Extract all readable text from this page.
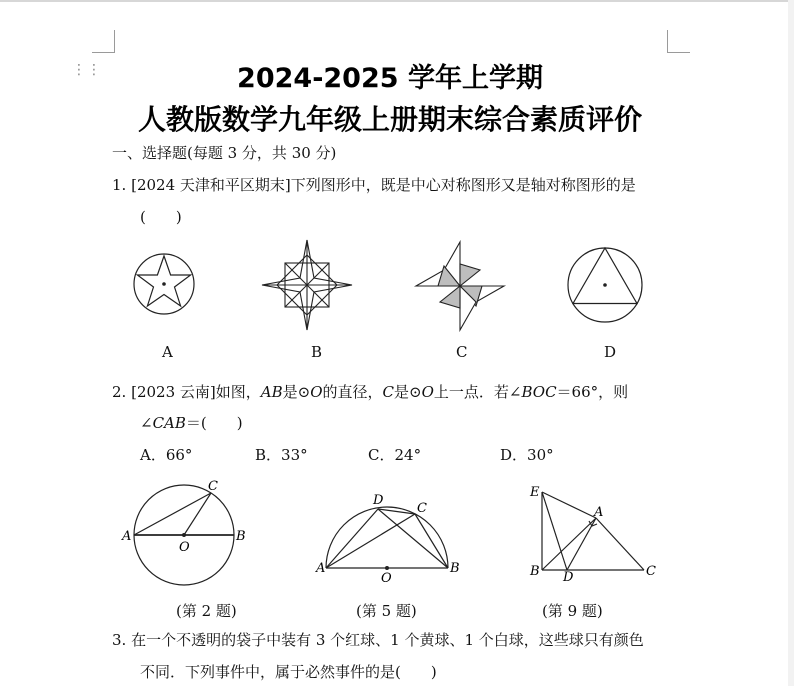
⋮⋮	2024-2025 学年上学期
人教版数学九年级上册期末综合素质评价
一、选择题(每题 3 分，共 30 分)
1. [2024 天津和平区期末]下列图形中，既是中心对称图形又是轴对称图形的是
(　　)
A	B	C	D
2. [2023 云南]如图，AB是⊙O的直径，C是⊙O上一点．若∠BOC＝66°，则
∠CAB＝(　　)
A．66°	B．33°	C．24°	D．30°
A	B
C
O
A	B
C
D
O
E
B	C
D
A
(第 2 题)	(第 5 题)	(第 9 题)
3. 在一个不透明的袋子中装有 3 个红球、1 个黄球、1 个白球，这些球只有颜色
不同．下列事件中，属于必然事件的是(　　)
